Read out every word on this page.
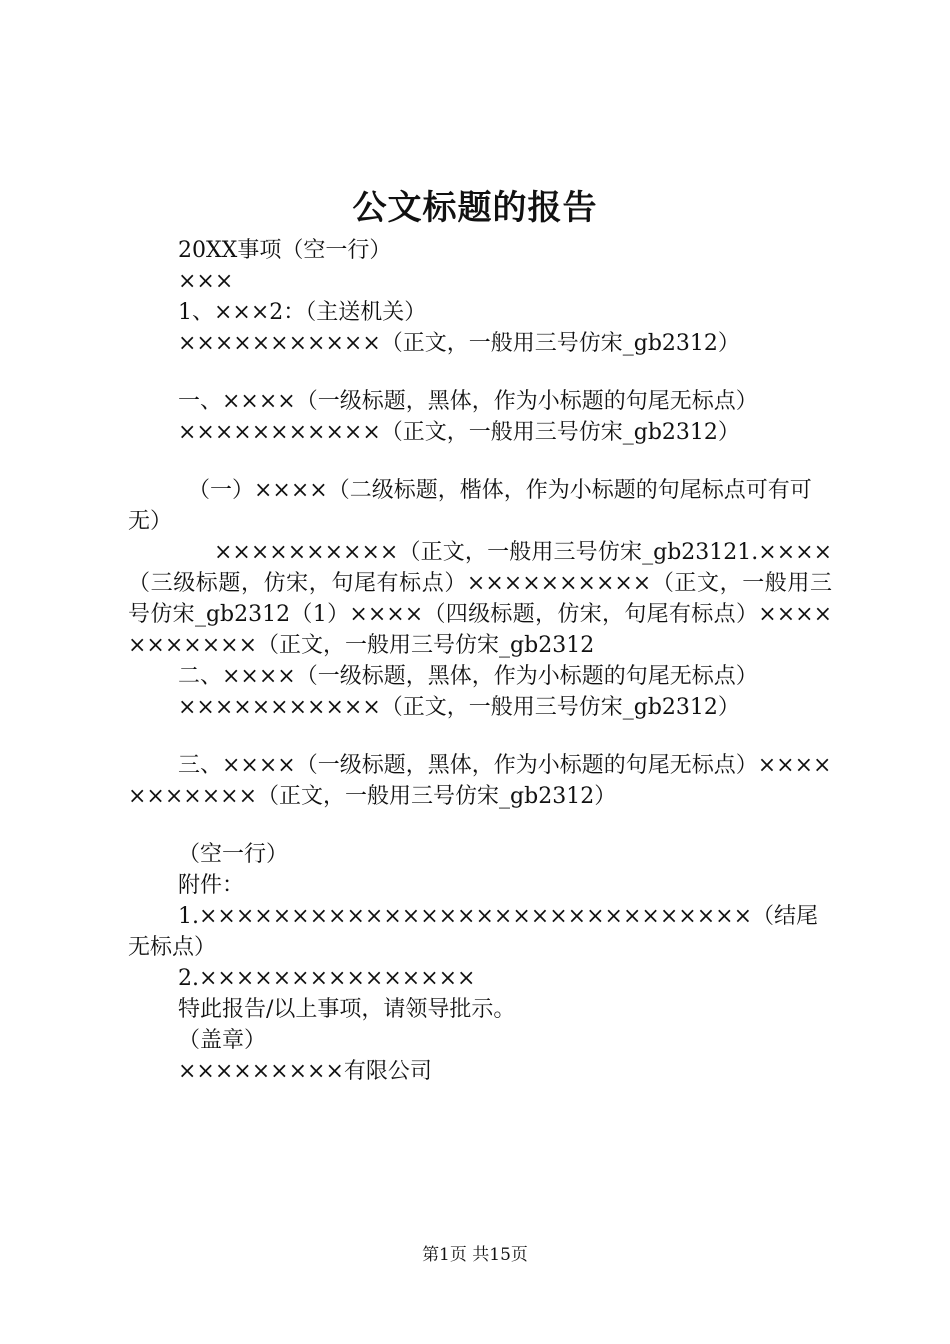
公文标题的报告

20XX事项（空一行）

×××

1、×××2：（主送机关）

×××××××××××（正文，一般用三号仿宋_gb2312）

一、××××（一级标题，黑体，作为小标题的句尾无标点）

×××××××××××（正文，一般用三号仿宋_gb2312）

（一）××××（二级标题，楷体，作为小标题的句尾标点可有可无）

××××××××××（正文，一般用三号仿宋_gb23121.××××（三级标题，仿宋，句尾有标点）××××××××××（正文，一般用三号仿宋_gb2312（1）××××（四级标题，仿宋，句尾有标点）×××××××××××（正文，一般用三号仿宋_gb2312

二、××××（一级标题，黑体，作为小标题的句尾无标点）

×××××××××××（正文，一般用三号仿宋_gb2312）

三、××××（一级标题，黑体，作为小标题的句尾无标点）×××××××××××（正文，一般用三号仿宋_gb2312）

（空一行）

附件：

1.××××××××××××××××××××××××××××××（结尾无标点）

2.×××××××××××××××

特此报告/以上事项，请领导批示。

（盖章）

×××××××××有限公司

第1页 共15页
